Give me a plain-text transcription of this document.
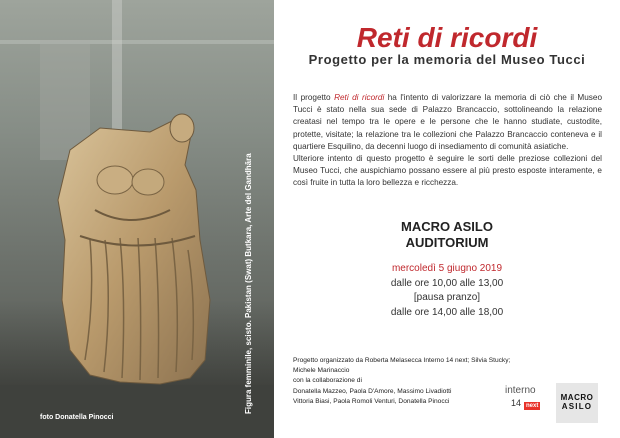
Figura femminile, scisto. Pakistan (Swat) Butkara, Arte del Gandhāra
foto Donatella Pinocci
Reti di ricordi
Progetto per la memoria del Museo Tucci
Il progetto Reti di ricordi ha l'intento di valorizzare la memoria di ciò che il Museo Tucci è stato nella sua sede di Palazzo Brancaccio, sottolineando la relazione creatasi nel tempo tra le opere e le persone che le hanno studiate, custodite, protette, visitate; la relazione tra le collezioni che Palazzo Brancaccio conteneva e il quartiere Esquilino, da decenni luogo di insediamento di comunità asiatiche.
Ulteriore intento di questo progetto è seguire le sorti delle preziose collezioni del Museo Tucci, che auspichiamo possano essere al più presto esposte interamente, e così fruite in tutta la loro bellezza e ricchezza.
MACRO ASILO
AUDITORIUM
mercoledì 5 giugno 2019
dalle ore 10,00 alle 13,00
[pausa pranzo]
dalle ore 14,00 alle 18,00
Progetto organizzato da Roberta Melasecca Interno 14 next; Silvia Stucky; Michele Marinaccio
con la collaborazione di
Donatella Mazzeo, Paola D'Amore, Massimo Livadiotti
Vittoria Biasi, Paola Romoli Venturi, Donatella Pinocci
interno
14 next
MACRO
ASILO
